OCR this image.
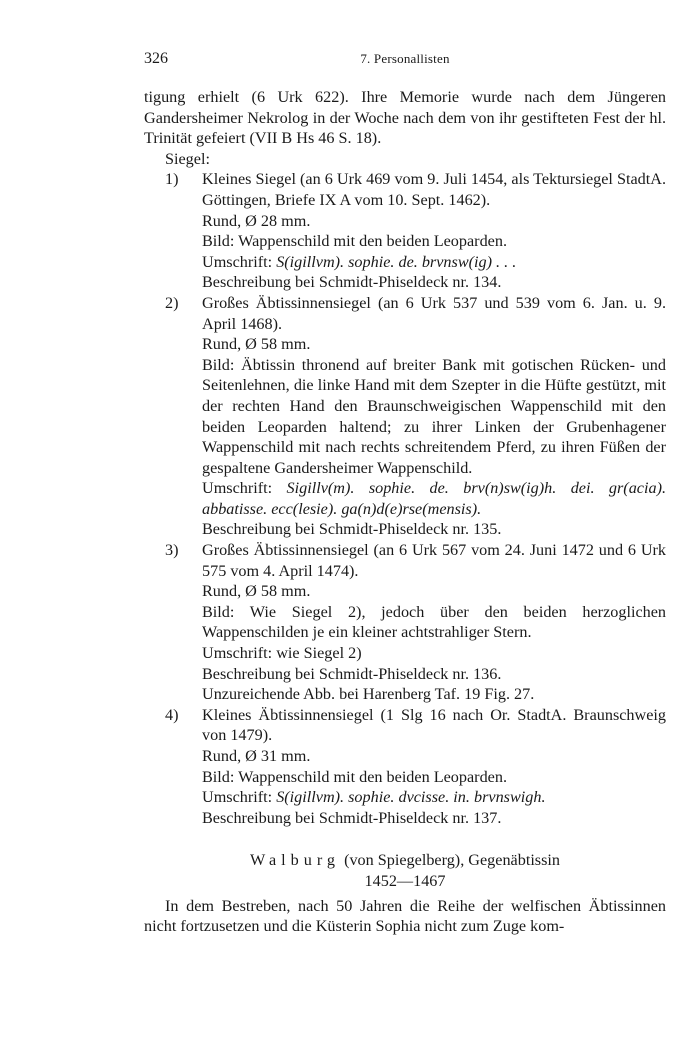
326	7. Personallisten

tigung erhielt (6 Urk 622). Ihre Memorie wurde nach dem Jüngeren Gandersheimer Nekrolog in der Woche nach dem von ihr gestifteten Fest der hl. Trinität gefeiert (VII B Hs 46 S. 18).

Siegel:

1) Kleines Siegel (an 6 Urk 469 vom 9. Juli 1454, als Tektursiegel StadtA. Göttingen, Briefe IX A vom 10. Sept. 1462).
Rund, Ø 28 mm.
Bild: Wappenschild mit den beiden Leoparden.
Umschrift: S(igillvm). sophie. de. brvnsw(ig) . . .
Beschreibung bei Schmidt-Phiseldeck nr. 134.
2) Großes Äbtissinnensiegel (an 6 Urk 537 und 539 vom 6. Jan. u. 9. April 1468).
Rund, Ø 58 mm.
Bild: Äbtissin thronend auf breiter Bank mit gotischen Rücken- und Seitenlehnen, die linke Hand mit dem Szepter in die Hüfte gestützt, mit der rechten Hand den Braunschweigischen Wappenschild mit den beiden Leoparden haltend; zu ihrer Linken der Grubenhagener Wappenschild mit nach rechts schreitendem Pferd, zu ihren Füßen der gespaltene Gandersheimer Wappenschild.
Umschrift: Sigillv(m). sophie. de. brv(n)sw(ig)h. dei. gr(acia). abbatisse. ecc(lesie). ga(n)d(e)rse(mensis).
Beschreibung bei Schmidt-Phiseldeck nr. 135.
3) Großes Äbtissinnensiegel (an 6 Urk 567 vom 24. Juni 1472 und 6 Urk 575 vom 4. April 1474).
Rund, Ø 58 mm.
Bild: Wie Siegel 2), jedoch über den beiden herzoglichen Wappenschilden je ein kleiner achtstrahliger Stern.
Umschrift: wie Siegel 2)
Beschreibung bei Schmidt-Phiseldeck nr. 136.
Unzureichende Abb. bei Harenberg Taf. 19 Fig. 27.
4) Kleines Äbtissinnensiegel (1 Slg 16 nach Or. StadtA. Braunschweig von 1479).
Rund, Ø 31 mm.
Bild: Wappenschild mit den beiden Leoparden.
Umschrift: S(igillvm). sophie. dvcisse. in. brvnswigh.
Beschreibung bei Schmidt-Phiseldeck nr. 137.
Walburg (von Spiegelberg), Gegenäbtissin
1452—1467

In dem Bestreben, nach 50 Jahren die Reihe der welfischen Äbtissinnen nicht fortzusetzen und die Küsterin Sophia nicht zum Zuge kom-
